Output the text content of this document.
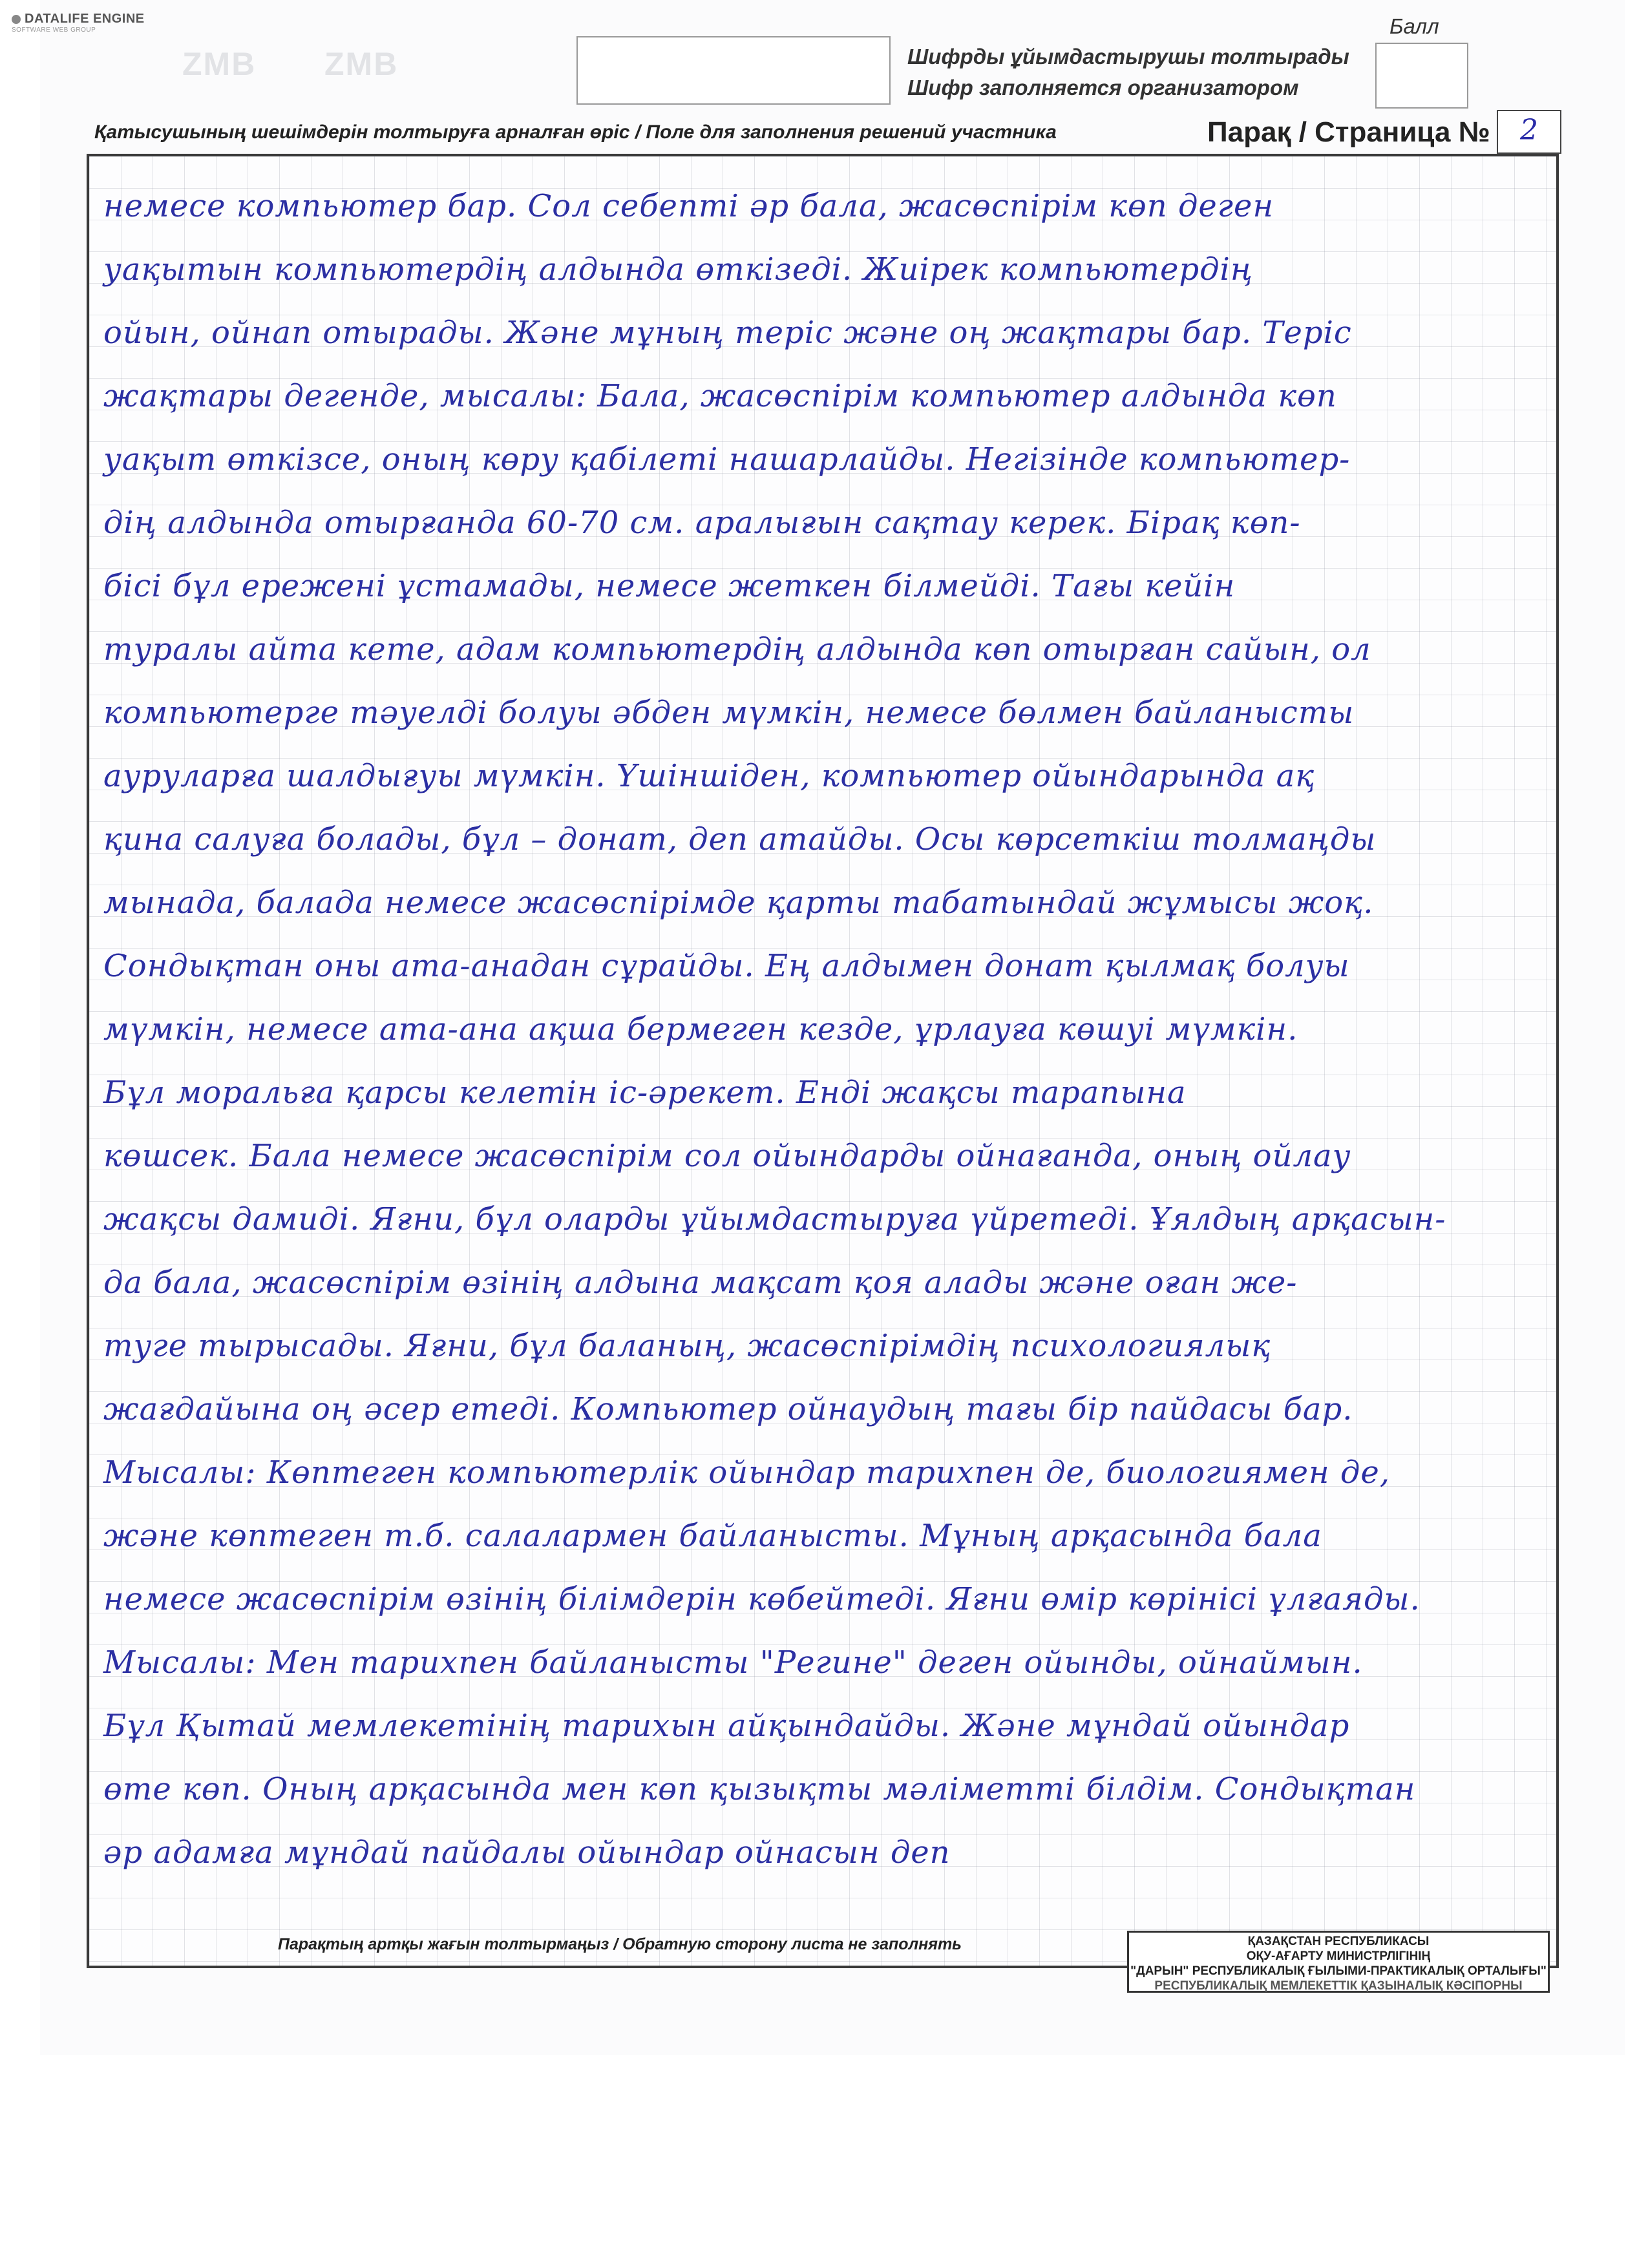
DATALIFE ENGINE
SOFTWARE WEB GROUP
ZMB ZMB	Шифрды ұйымдастырушы толтырады
Шифр заполняется организатором
Балл
Қатысушының шешімдерін толтыруға арналған өріс / Поле для заполнения решений участника	Парақ / Страница №	2
немесе компьютер бар. Сол себепті әр бала, жасөспірім көп деген
уақытын компьютердің алдында өткізеді. Жиірек компьютердің
ойын, ойнап отырады. Және мұның теріс және оң жақтары бар. Теріс
жақтары дегенде, мысалы: Бала, жасөспірім компьютер алдында көп
уақыт өткізсе, оның көру қабілеті нашарлайды. Негізінде компьютер-
дің алдында отырғанда 60-70 см. аралығын сақтау керек. Бірақ көп-
бісі бұл ережені ұстамады, немесе жеткен білмейді. Тағы кейін
туралы айта кете, адам компьютердің алдында көп отырған сайын, ол
компьютерге тәуелді болуы әбден мүмкін, немесе бөлмен байланысты
ауруларға шалдығуы мүмкін. Үшіншіден, компьютер ойындарында ақ
қина салуға болады, бұл – донат, деп атайды. Осы көрсеткіш толмаңды
мынада, балада немесе жасөспірімде қарты табатындай жұмысы жоқ.
Сондықтан оны ата-анадан сұрайды. Ең алдымен донат қылмақ болуы
мүмкін, немесе ата-ана ақша бермеген кезде, ұрлауға көшуі мүмкін.
Бұл моральға қарсы келетін іс-әрекет. Енді жақсы тарапына
көшсек. Бала немесе жасөспірім сол ойындарды ойнағанда, оның ойлау
жақсы дамиді. Яғни, бұл оларды ұйымдастыруға үйретеді. Ұялдың арқасын-
да бала, жасөспірім өзінің алдына мақсат қоя алады және оған же-
туге тырысады. Яғни, бұл баланың, жасөспірімдің психологиялық
жағдайына оң әсер етеді. Компьютер ойнаудың тағы бір пайдасы бар.
Мысалы: Көптеген компьютерлік ойындар тарихпен де, биологиямен де,
және көптеген т.б. салалармен байланысты. Мұның арқасында бала
немесе жасөспірім өзінің білімдерін көбейтеді. Яғни өмір көрінісі ұлғаяды.
Мысалы: Мен тарихпен байланысты "Регине" деген ойынды, ойнаймын.
Бұл Қытай мемлекетінің тарихын айқындайды. Және мұндай ойындар
өте көп. Оның арқасында мен көп қызықты мәліметті білдім. Сондықтан
әр адамға мұндай пайдалы ойындар ойнасын деп
Парақтың артқы жағын толтырмаңыз / Обратную сторону листа не заполнять	ҚАЗАҚСТАН РЕСПУБЛИКАСЫ
ОҚУ-АҒАРТУ МИНИСТРЛІГІНІҢ
"ДАРЫН" РЕСПУБЛИКАЛЫҚ ҒЫЛЫМИ-ПРАКТИКАЛЫҚ ОРТАЛЫҒЫ"
РЕСПУБЛИКАЛЫҚ МЕМЛЕКЕТТІК ҚАЗЫНАЛЫҚ КӘСІПОРНЫ
